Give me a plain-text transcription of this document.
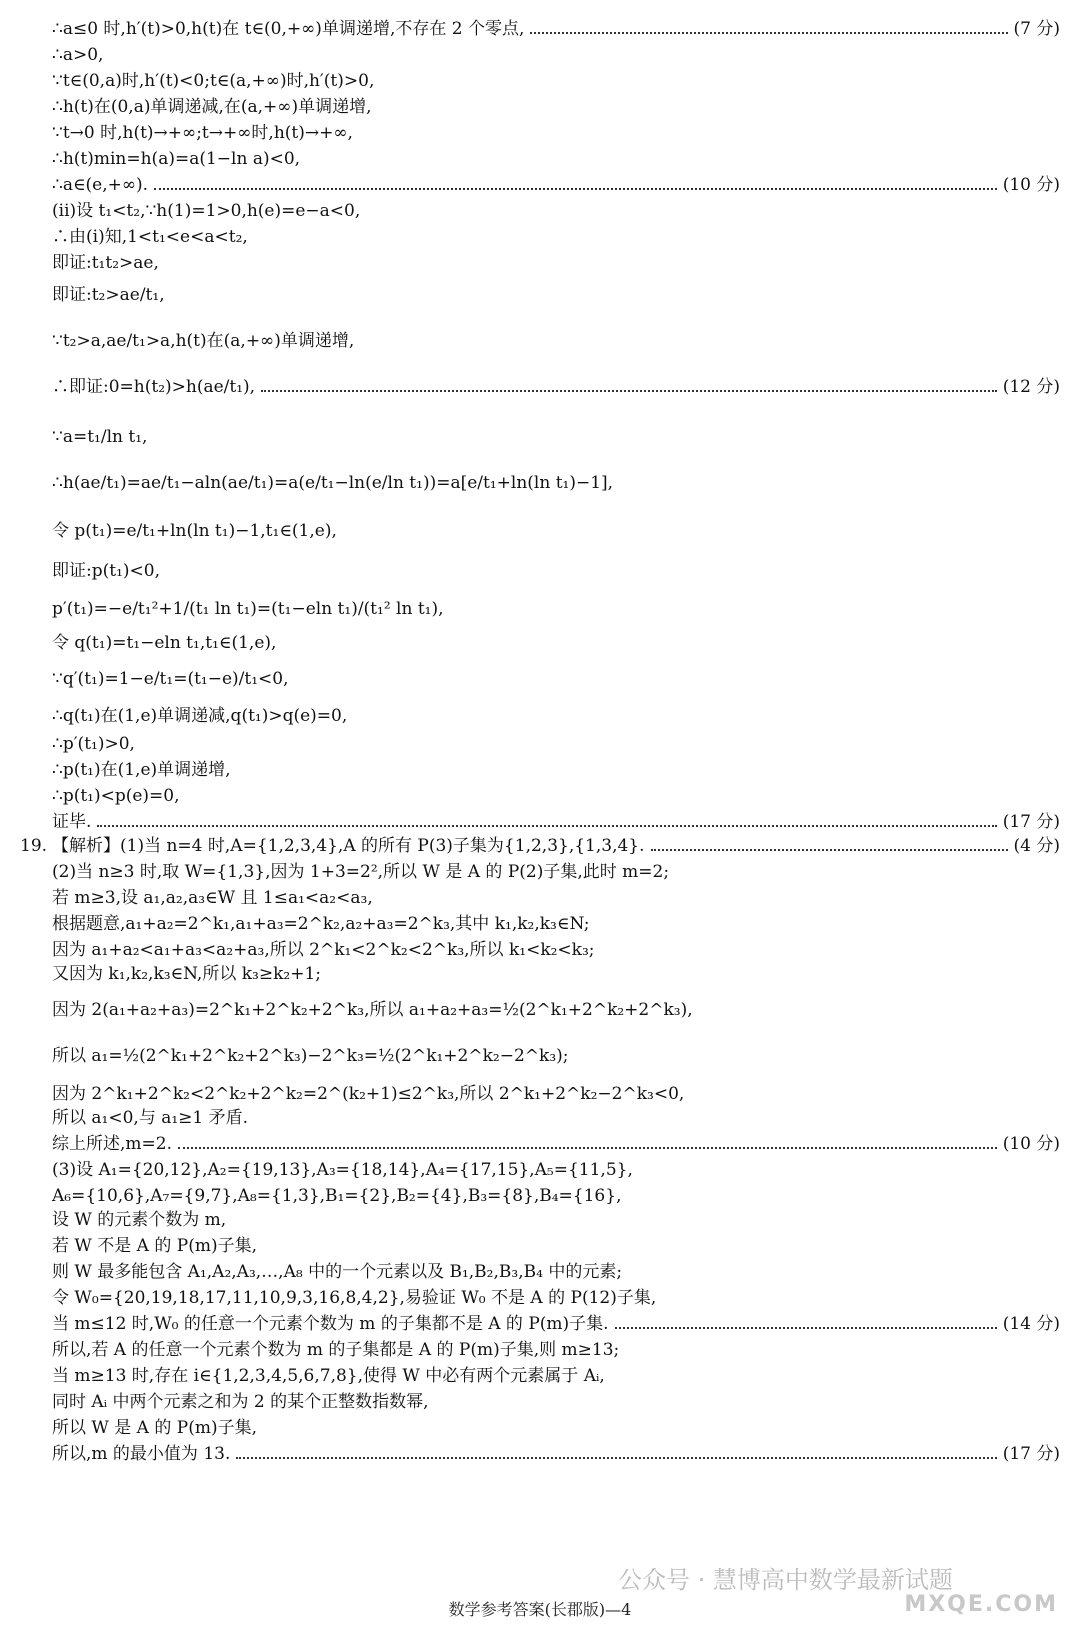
∴a≤0 时,h′(t)>0,h(t)在 t∈(0,+∞)单调递增,不存在 2 个零点,	(7 分)
∴a>0,
∵t∈(0,a)时,h′(t)<0;t∈(a,+∞)时,h′(t)>0,
∴h(t)在(0,a)单调递减,在(a,+∞)单调递增,
∵t→0 时,h(t)→+∞;t→+∞时,h(t)→+∞,
∴h(t)min=h(a)=a(1−ln a)<0,
∴a∈(e,+∞).	(10 分)
(ii)设 t₁<t₂,∵h(1)=1>0,h(e)=e−a<0,
∴由(i)知,1<t₁<e<a<t₂,
即证:t₁t₂>ae,
即证:t₂>ae/t₁,
∵t₂>a,ae/t₁>a,h(t)在(a,+∞)单调递增,
∴即证:0=h(t₂)>h(ae/t₁),	(12 分)
∵a=t₁/ln t₁,
∴h(ae/t₁)=ae/t₁−aln(ae/t₁)=a(e/t₁−ln(e/ln t₁))=a[e/t₁+ln(ln t₁)−1],
令 p(t₁)=e/t₁+ln(ln t₁)−1,t₁∈(1,e),
即证:p(t₁)<0,
p′(t₁)=−e/t₁²+1/(t₁ ln t₁)=(t₁−eln t₁)/(t₁² ln t₁),
令 q(t₁)=t₁−eln t₁,t₁∈(1,e),
∵q′(t₁)=1−e/t₁=(t₁−e)/t₁<0,
∴q(t₁)在(1,e)单调递减,q(t₁)>q(e)=0,
∴p′(t₁)>0,
∴p(t₁)在(1,e)单调递增,
∴p(t₁)<p(e)=0,
证毕.	(17 分)
19. 【解析】(1)当 n=4 时,A={1,2,3,4},A 的所有 P(3)子集为{1,2,3},{1,3,4}.	(4 分)
(2)当 n≥3 时,取 W={1,3},因为 1+3=2²,所以 W 是 A 的 P(2)子集,此时 m=2;
若 m≥3,设 a₁,a₂,a₃∈W 且 1≤a₁<a₂<a₃,
根据题意,a₁+a₂=2^k₁,a₁+a₃=2^k₂,a₂+a₃=2^k₃,其中 k₁,k₂,k₃∈N;
因为 a₁+a₂<a₁+a₃<a₂+a₃,所以 2^k₁<2^k₂<2^k₃,所以 k₁<k₂<k₃;
又因为 k₁,k₂,k₃∈N,所以 k₃≥k₂+1;
因为 2(a₁+a₂+a₃)=2^k₁+2^k₂+2^k₃,所以 a₁+a₂+a₃=½(2^k₁+2^k₂+2^k₃),
所以 a₁=½(2^k₁+2^k₂+2^k₃)−2^k₃=½(2^k₁+2^k₂−2^k₃);
因为 2^k₁+2^k₂<2^k₂+2^k₂=2^(k₂+1)≤2^k₃,所以 2^k₁+2^k₂−2^k₃<0,
所以 a₁<0,与 a₁≥1 矛盾.
综上所述,m=2.	(10 分)
(3)设 A₁={20,12},A₂={19,13},A₃={18,14},A₄={17,15},A₅={11,5},
A₆={10,6},A₇={9,7},A₈={1,3},B₁={2},B₂={4},B₃={8},B₄={16},
设 W 的元素个数为 m,
若 W 不是 A 的 P(m)子集,
则 W 最多能包含 A₁,A₂,A₃,…,A₈ 中的一个元素以及 B₁,B₂,B₃,B₄ 中的元素;
令 W₀={20,19,18,17,11,10,9,3,16,8,4,2},易验证 W₀ 不是 A 的 P(12)子集,
当 m≤12 时,W₀ 的任意一个元素个数为 m 的子集都不是 A 的 P(m)子集.	(14 分)
所以,若 A 的任意一个元素个数为 m 的子集都是 A 的 P(m)子集,则 m≥13;
当 m≥13 时,存在 i∈{1,2,3,4,5,6,7,8},使得 W 中必有两个元素属于 Aᵢ,
同时 Aᵢ 中两个元素之和为 2 的某个正整数指数幂,
所以 W 是 A 的 P(m)子集,
所以,m 的最小值为 13.	(17 分)
数学参考答案(长郡版)—4
公众号 · 慧博高中数学最新试题
MXQE.COM
